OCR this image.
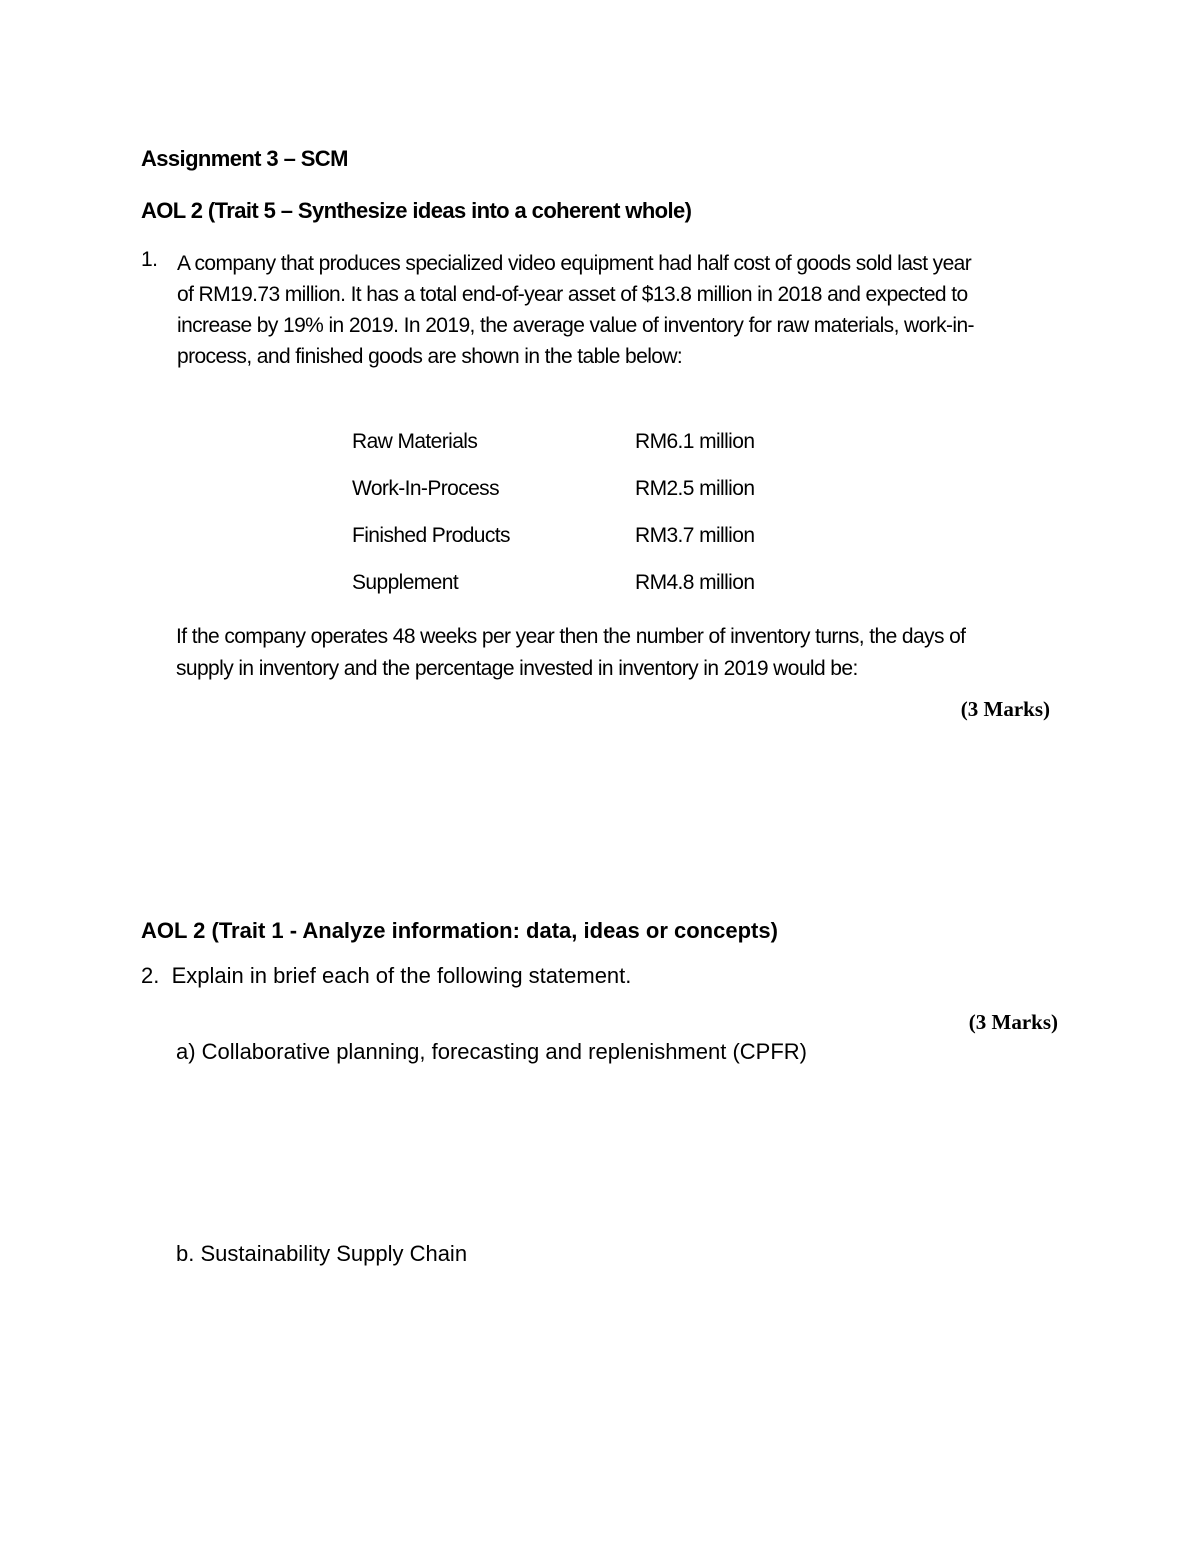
Assignment 3 – SCM
AOL 2 (Trait 5 – Synthesize ideas into a coherent whole)
1. A company that produces specialized video equipment had half cost of goods sold last year
of RM19.73 million. It has a total end-of-year asset of $13.8 million in 2018 and expected to
increase by 19% in 2019. In 2019, the average value of inventory for raw materials, work-in-
process, and finished goods are shown in the table below:
Raw Materials	RM6.1 million
Work-In-Process	RM2.5 million
Finished Products	RM3.7 million
Supplement	RM4.8 million
If the company operates 48 weeks per year then the number of inventory turns, the days of
supply in inventory and the percentage invested in inventory in 2019 would be:
(3 Marks)
AOL 2 (Trait 1 - Analyze information: data, ideas or concepts)
2.  Explain in brief each of the following statement.
(3 Marks)
a) Collaborative planning, forecasting and replenishment (CPFR)
b. Sustainability Supply Chain
